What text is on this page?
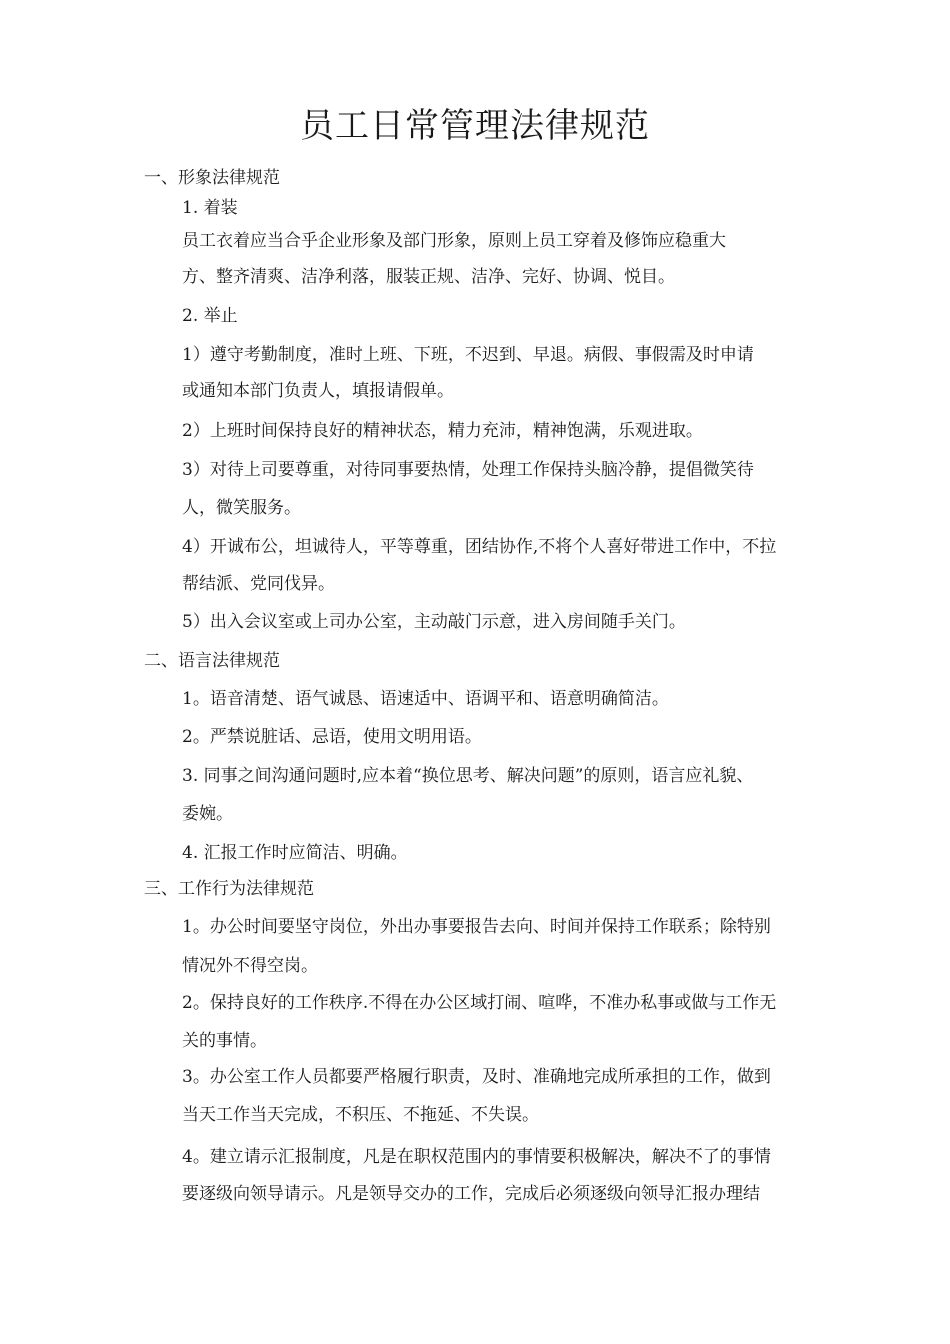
员工日常管理法律规范
一、形象法律规范
1. 着装
员工衣着应当合乎企业形象及部门形象，原则上员工穿着及修饰应稳重大
方、整齐清爽、洁净利落，服装正规、洁净、完好、协调、悦目。
2. 举止
1）遵守考勤制度，准时上班、下班，不迟到、早退。病假、事假需及时申请
或通知本部门负责人，填报请假单。
2）上班时间保持良好的精神状态，精力充沛，精神饱满，乐观进取。
3）对待上司要尊重，对待同事要热情，处理工作保持头脑冷静，提倡微笑待
人，微笑服务。
4）开诚布公，坦诚待人，平等尊重，团结协作,不将个人喜好带进工作中，不拉
帮结派、党同伐异。
5）出入会议室或上司办公室，主动敲门示意，进入房间随手关门。
二、语言法律规范
1。语音清楚、语气诚恳、语速适中、语调平和、语意明确简洁。
2。严禁说脏话、忌语，使用文明用语。
3. 同事之间沟通问题时,应本着“换位思考、解决问题”的原则，语言应礼貌、
委婉。
4. 汇报工作时应简洁、明确。
三、工作行为法律规范
1。办公时间要坚守岗位，外出办事要报告去向、时间并保持工作联系；除特别
情况外不得空岗。
2。保持良好的工作秩序.不得在办公区域打闹、喧哗，不准办私事或做与工作无
关的事情。
3。办公室工作人员都要严格履行职责，及时、准确地完成所承担的工作，做到
当天工作当天完成，不积压、不拖延、不失误。
4。建立请示汇报制度，凡是在职权范围内的事情要积极解决，解决不了的事情
要逐级向领导请示。凡是领导交办的工作，完成后必须逐级向领导汇报办理结
